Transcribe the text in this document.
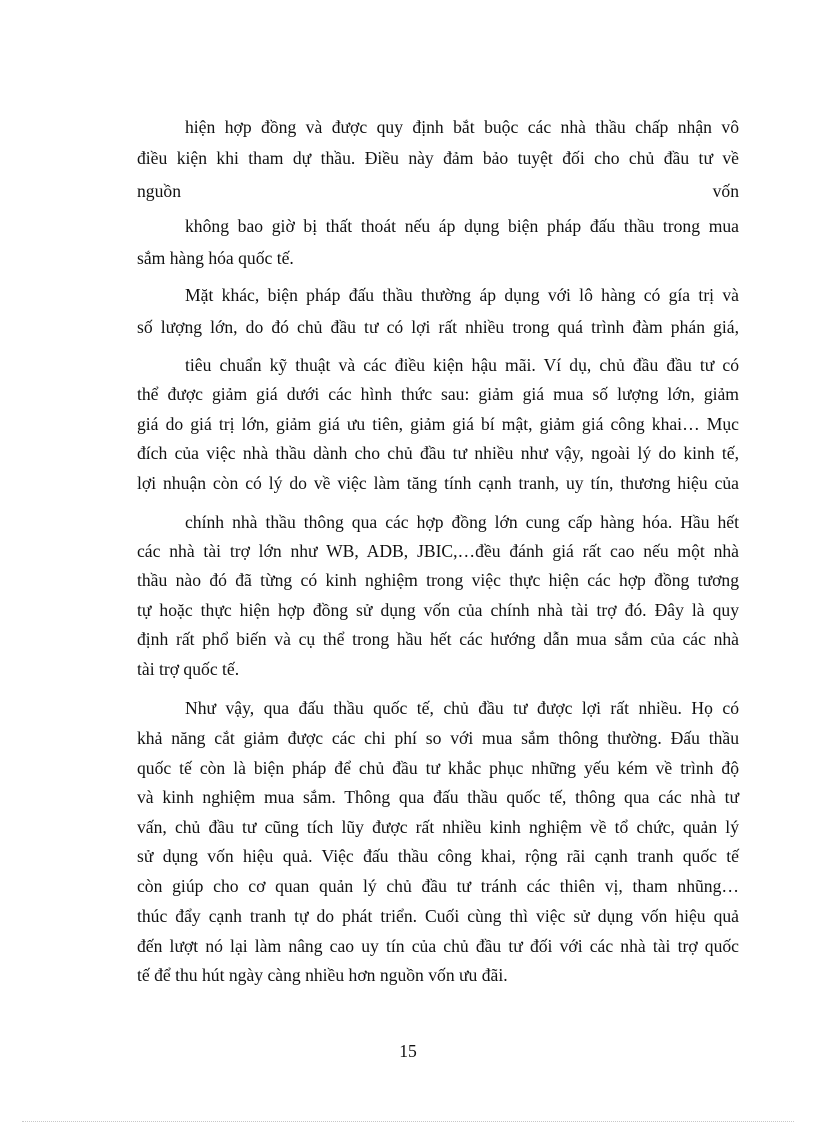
hiện hợp đồng và được quy định bắt buộc các nhà thầu chấp nhận vô
điều kiện khi tham dự thầu. Điều này đảm bảo tuyệt đối cho chủ đầu tư về
nguồn vốn
không bao giờ bị thất thoát nếu áp dụng biện pháp đấu thầu trong mua
sắm hàng hóa quốc tế.
Mặt khác, biện pháp đấu thầu thường áp dụng với lô hàng có gía trị và
số lượng lớn, do đó chủ đầu tư có lợi rất nhiều trong quá trình đàm phán giá,
tiêu chuẩn kỹ thuật và các điều kiện hậu mãi. Ví dụ, chủ đầu đầu tư có
thể được giảm giá dưới các hình thức sau: giảm giá mua số lượng lớn, giảm
giá do giá trị lớn, giảm giá ưu tiên, giảm giá bí mật, giảm giá công khai… Mục
đích của việc nhà thầu dành cho chủ đầu tư nhiều như vậy, ngoài lý do kinh tế,
lợi nhuận còn có lý do về việc làm tăng tính cạnh tranh, uy tín, thương hiệu của
chính nhà thầu thông qua các hợp đồng lớn cung cấp hàng hóa. Hầu hết
các nhà tài trợ lớn như WB, ADB, JBIC,…đều đánh giá rất cao nếu một nhà
thầu nào đó đã từng có kinh nghiệm trong việc thực hiện các hợp đồng tương
tự hoặc thực hiện hợp đồng sử dụng vốn của chính nhà tài trợ đó. Đây là quy
định rất phổ biến và cụ thể trong hầu hết các hướng dẫn mua sắm của các nhà
tài trợ quốc tế.
Như vậy, qua đấu thầu quốc tế, chủ đầu tư được lợi rất nhiều. Họ có
khả năng cắt giảm được các chi phí so với mua sắm thông thường. Đấu thầu
quốc tế còn là biện pháp để chủ đầu tư khắc phục những yếu kém về trình độ
và kinh nghiệm mua sắm. Thông qua đấu thầu quốc tế, thông qua các nhà tư
vấn, chủ đầu tư cũng tích lũy được rất nhiều kinh nghiệm về tổ chức, quản lý
sử dụng vốn hiệu quả. Việc đấu thầu công khai, rộng rãi cạnh tranh quốc tế
còn giúp cho cơ quan quản lý chủ đầu tư tránh các thiên vị, tham nhũng…
thúc đẩy cạnh tranh tự do phát triển. Cuối cùng thì việc sử dụng vốn hiệu quả
đến lượt nó lại làm nâng cao uy tín của chủ đầu tư đối với các nhà tài trợ quốc
tế để thu hút ngày càng nhiều hơn nguồn vốn ưu đãi.
15
